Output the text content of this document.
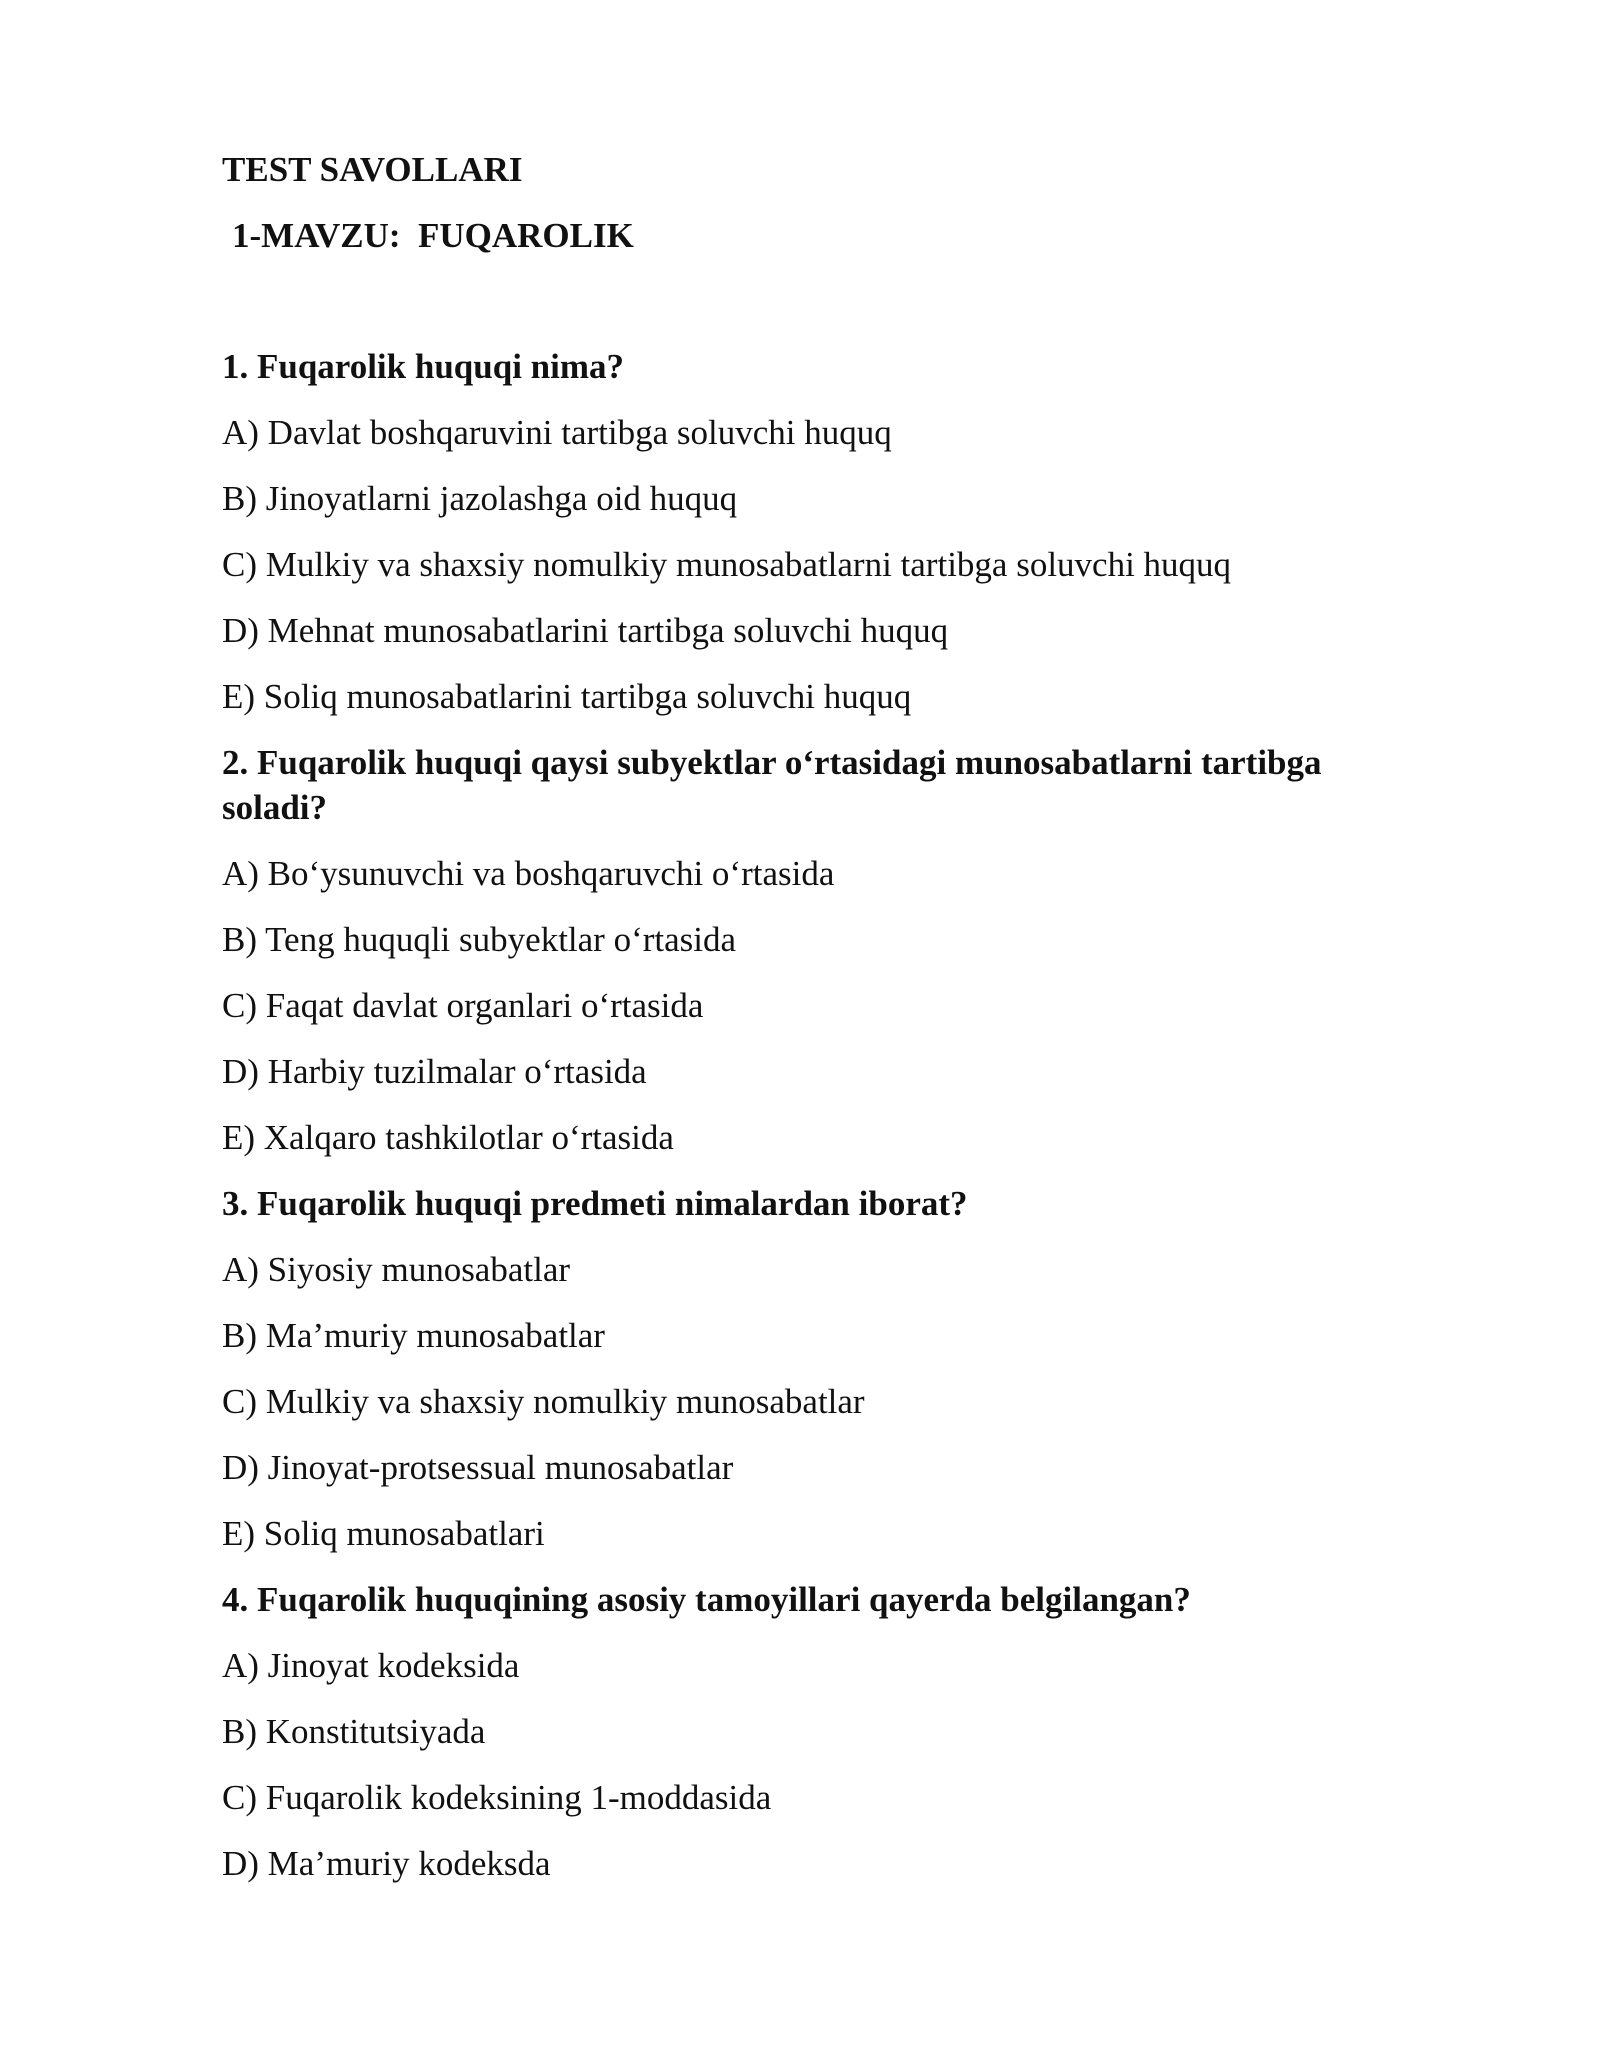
TEST SAVOLLARI
1-MAVZU:  FUQAROLIK

1. Fuqarolik huquqi nima?

A) Davlat boshqaruvini tartibga soluvchi huquq
B) Jinoyatlarni jazolashga oid huquq
C) Mulkiy va shaxsiy nomulkiy munosabatlarni tartibga soluvchi huquq
D) Mehnat munosabatlarini tartibga soluvchi huquq
E) Soliq munosabatlarini tartibga soluvchi huquq

2. Fuqarolik huquqi qaysi subyektlar o‘rtasidagi munosabatlarni tartibga soladi?

A) Bo‘ysunuvchi va boshqaruvchi o‘rtasida
B) Teng huquqli subyektlar o‘rtasida
C) Faqat davlat organlari o‘rtasida
D) Harbiy tuzilmalar o‘rtasida
E) Xalqaro tashkilotlar o‘rtasida

3. Fuqarolik huquqi predmeti nimalardan iborat?

A) Siyosiy munosabatlar
B) Ma’muriy munosabatlar
C) Mulkiy va shaxsiy nomulkiy munosabatlar
D) Jinoyat-protsessual munosabatlar
E) Soliq munosabatlari

4. Fuqarolik huquqining asosiy tamoyillari qayerda belgilangan?

A) Jinoyat kodeksida
B) Konstitutsiyada
C) Fuqarolik kodeksining 1-moddasida
D) Ma’muriy kodeksda
